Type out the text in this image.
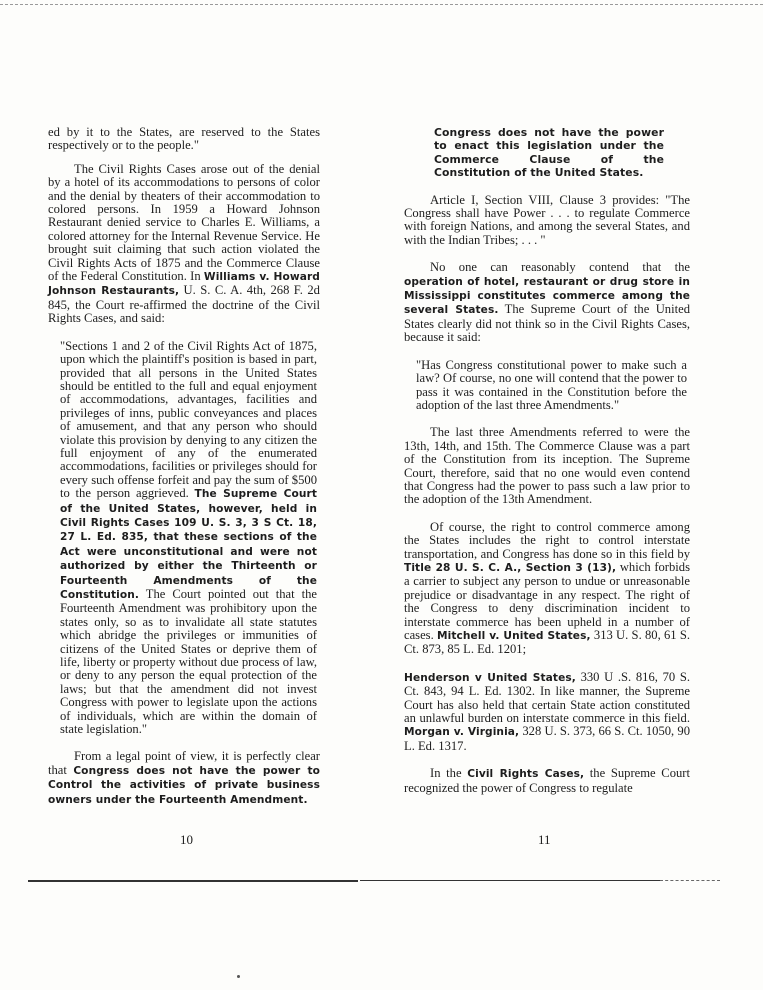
ed by it to the States, are reserved to the States respectively or to the people."

The Civil Rights Cases arose out of the denial by a hotel of its accommodations to persons of color and the denial by theaters of their accommodation to colored persons. In 1959 a Howard Johnson Restaurant denied service to Charles E. Williams, a colored attorney for the Internal Revenue Service. He brought suit claiming that such action violated the Civil Rights Acts of 1875 and the Commerce Clause of the Federal Constitution. In Williams v. Howard Johnson Restaurants, U. S. C. A. 4th, 268 F. 2d 845, the Court re-affirmed the doctrine of the Civil Rights Cases, and said:

"Sections 1 and 2 of the Civil Rights Act of 1875, upon which the plaintiff's position is based in part, provided that all persons in the United States should be entitled to the full and equal enjoyment of accommodations, advantages, facilities and privileges of inns, public conveyances and places of amusement, and that any person who should violate this provision by denying to any citizen the full enjoyment of any of the enumerated accommodations, facilities or privileges should for every such offense forfeit and pay the sum of $500 to the person aggrieved. The Supreme Court of the United States, however, held in Civil Rights Cases 109 U. S. 3, 3 S Ct. 18, 27 L. Ed. 835, that these sections of the Act were unconstitutional and were not authorized by either the Thirteenth or Fourteenth Amendments of the Constitution. The Court pointed out that the Fourteenth Amendment was prohibitory upon the states only, so as to invalidate all state statutes which abridge the privileges or immunities of citizens of the United States or deprive them of life, liberty or property without due process of law, or deny to any person the equal protection of the laws; but that the amendment did not invest Congress with power to legislate upon the actions of individuals, which are within the domain of state legislation."

From a legal point of view, it is perfectly clear that Congress does not have the power to Control the activities of private business owners under the Fourteenth Amendment.

Congress does not have the power to enact this legislation under the Commerce Clause of the Constitution of the United States.

Article I, Section VIII, Clause 3 provides: "The Congress shall have Power . . . to regulate Commerce with foreign Nations, and among the several States, and with the Indian Tribes; . . . "

No one can reasonably contend that the operation of hotel, restaurant or drug store in Mississippi constitutes commerce among the several States. The Supreme Court of the United States clearly did not think so in the Civil Rights Cases, because it said:

"Has Congress constitutional power to make such a law? Of course, no one will contend that the power to pass it was contained in the Constitution before the adoption of the last three Amendments."

The last three Amendments referred to were the 13th, 14th, and 15th. The Commerce Clause was a part of the Constitution from its inception. The Supreme Court, therefore, said that no one would even contend that Congress had the power to pass such a law prior to the adoption of the 13th Amendment.

Of course, the right to control commerce among the States includes the right to control interstate transportation, and Congress has done so in this field by Title 28 U. S. C. A., Section 3 (13), which forbids a carrier to subject any person to undue or unreasonable prejudice or disadvantage in any respect. The right of the Congress to deny discrimination incident to interstate commerce has been upheld in a number of cases. Mitchell v. United States, 313 U. S. 80, 61 S. Ct. 873, 85 L. Ed. 1201;

Henderson v United States, 330 U .S. 816, 70 S. Ct. 843, 94 L. Ed. 1302. In like manner, the Supreme Court has also held that certain State action constituted an unlawful burden on interstate commerce in this field. Morgan v. Virginia, 328 U. S. 373, 66 S. Ct. 1050, 90 L. Ed. 1317.

In the Civil Rights Cases, the Supreme Court recognized the power of Congress to regulate

10	11
